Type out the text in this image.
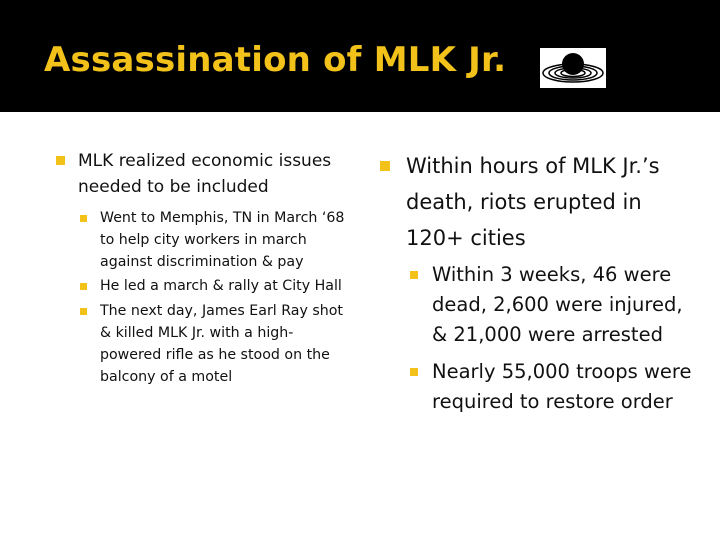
Assassination of MLK Jr.
MLK realized economic issues needed to be included
Went to Memphis, TN in March ‘68 to help city workers in march against discrimination & pay
He led a march & rally at City Hall
The next day, James Earl Ray shot & killed MLK Jr. with a high-powered rifle as he stood on the balcony of a motel
Within hours of MLK Jr.’s death, riots erupted in 120+ cities
Within 3 weeks, 46 were dead, 2,600 were injured, & 21,000 were arrested
Nearly 55,000 troops were required to restore order
